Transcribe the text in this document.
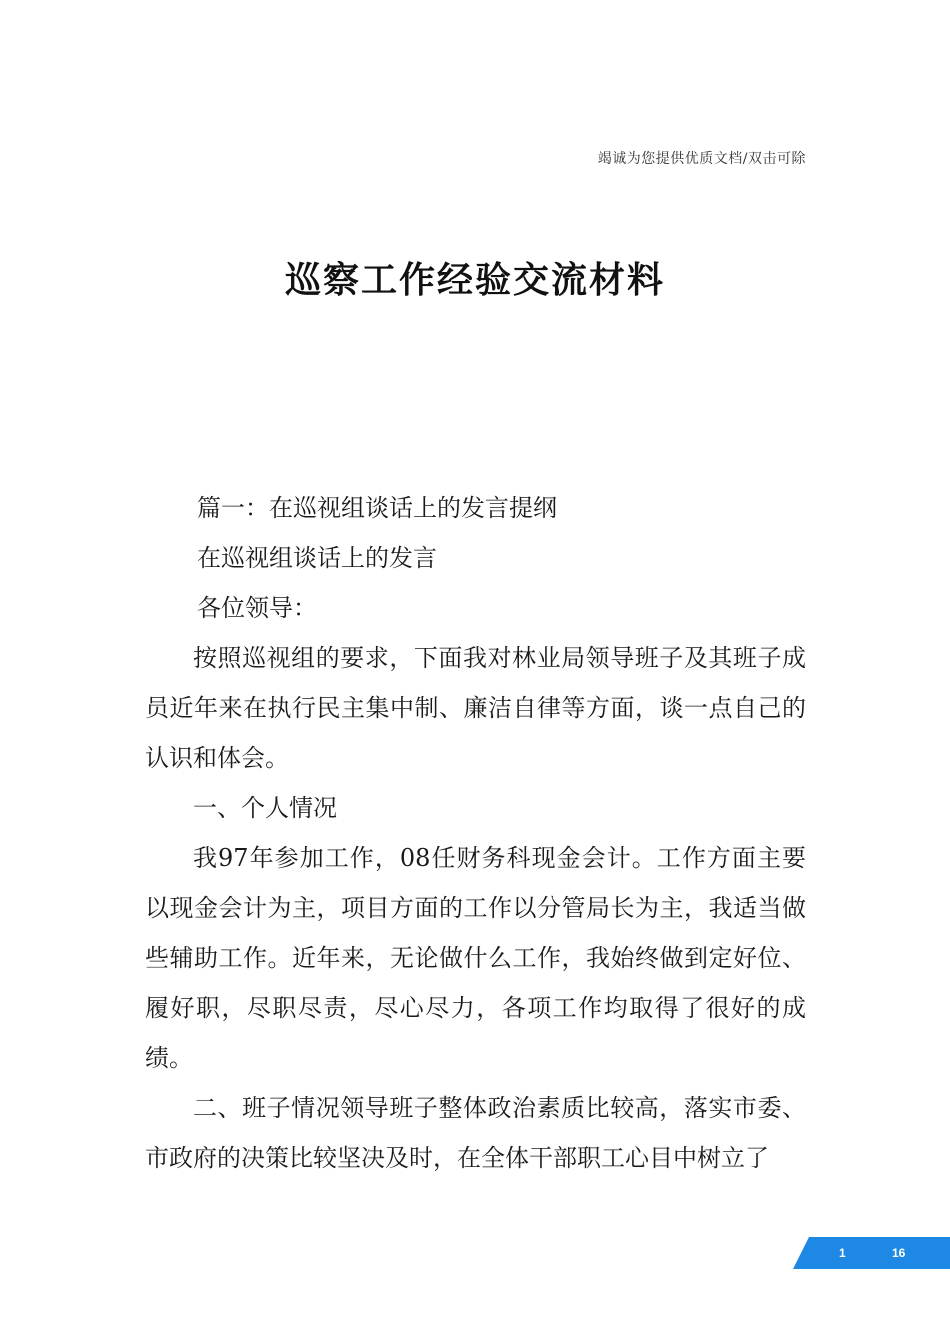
竭诚为您提供优质文档/双击可除
巡察工作经验交流材料

篇一：在巡视组谈话上的发言提纲

在巡视组谈话上的发言

各位领导：

按照巡视组的要求，下面我对林业局领导班子及其班子成员近年来在执行民主集中制、廉洁自律等方面，谈一点自己的认识和体会。

一、个人情况

我97年参加工作，08任财务科现金会计。工作方面主要以现金会计为主，项目方面的工作以分管局长为主，我适当做些辅助工作。近年来，无论做什么工作，我始终做到定好位、履好职，尽职尽责，尽心尽力，各项工作均取得了很好的成绩。

二、班子情况领导班子整体政治素质比较高，落实市委、市政府的决策比较坚决及时，在全体干部职工心目中树立了

1	16
